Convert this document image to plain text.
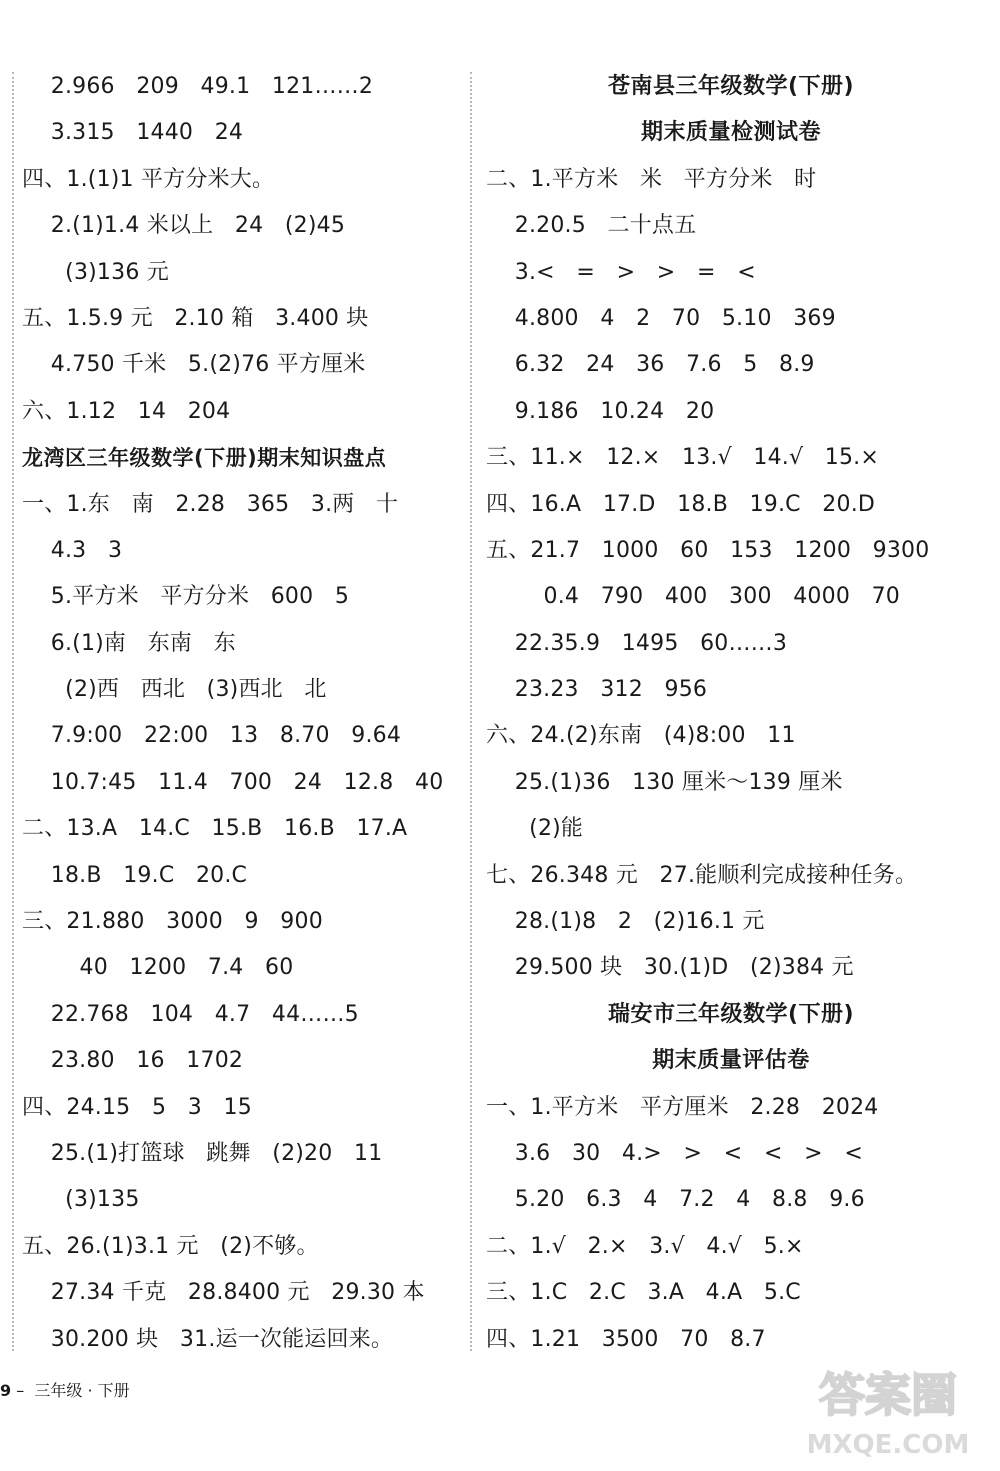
2.966   209   49.1   121……2
3.315   1440   24
四、1.(1)1 平方分米大。
2.(1)1.4 米以上   24   (2)45
(3)136 元
五、1.5.9 元   2.10 箱   3.400 块
4.750 千米   5.(2)76 平方厘米
六、1.12   14   204
龙湾区三年级数学(下册)期末知识盘点
一、1.东   南   2.28   365   3.两   十
4.3   3
5.平方米   平方分米   600   5
6.(1)南   东南   东
(2)西   西北   (3)西北   北
7.9:00   22:00   13   8.70   9.64
10.7:45   11.4   700   24   12.8   40
二、13.A   14.C   15.B   16.B   17.A
18.B   19.C   20.C
三、21.880   3000   9   900
40   1200   7.4   60
22.768   104   4.7   44……5
23.80   16   1702
四、24.15   5   3   15
25.(1)打篮球   跳舞   (2)20   11
(3)135
五、26.(1)3.1 元   (2)不够。
27.34 千克   28.8400 元   29.30 本
30.200 块   31.运一次能运回来。
苍南县三年级数学(下册)
期末质量检测试卷
二、1.平方米   米   平方分米   时
2.20.5   二十点五
3.<   =   >   >   =   <
4.800   4   2   70   5.10   369
6.32   24   36   7.6   5   8.9
9.186   10.24   20
三、11.×   12.×   13.√   14.√   15.×
四、16.A   17.D   18.B   19.C   20.D
五、21.7   1000   60   153   1200   9300
0.4   790   400   300   4000   70
22.35.9   1495   60……3
23.23   312   956
六、24.(2)东南   (4)8:00   11
25.(1)36   130 厘米～139 厘米
(2)能
七、26.348 元   27.能顺利完成接种任务。
28.(1)8   2   (2)16.1 元
29.500 块   30.(1)D   (2)384 元
瑞安市三年级数学(下册)
期末质量评估卷
一、1.平方米   平方厘米   2.28   2024
3.6   30   4.>   >   <   <   >   <
5.20   6.3   4   7.2   4   8.8   9.6
二、1.√   2.×   3.√   4.√   5.×
三、1.C   2.C   3.A   4.A   5.C
四、1.21   3500   70   8.7
9 –  三年级 · 下册	答案圈
MXQE.COM
